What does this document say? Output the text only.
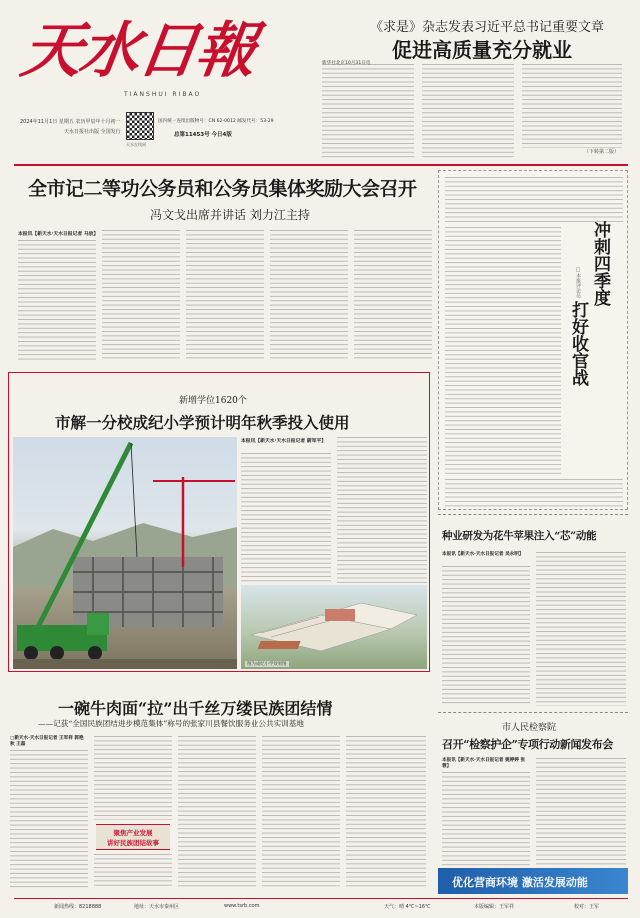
天水日報
TIANSHUI RIBAO
2024年11月1日 星期五 农历甲辰年十月初一
天水日报社出版 全国发行
天水在线网
国内统一连续出版物号：CN 62-0012 邮发代号：53-29
总第11453号 今日4版
《求是》杂志发表习近平总书记重要文章
促进高质量充分就业
新华社北京10月31日电
（下转第二版）
全市记二等功公务员和公务员集体奖励大会召开
冯文戈出席并讲话 刘力江主持
本报讯【新天水·天水日报记者 马放】	冲刺四季度
□本报评论员
打好收官战
新增学位1620个
市解一分校成纪小学预计明年秋季投入使用
本报讯【新天水·天水日报记者 蔚军平】
图为成纪小学效果图
种业研发为花牛苹果注入“芯”动能
本报讯【新天水·天水日报记者 吴永明】
一碗牛肉面“拉”出千丝万缕民族团结情
——记获“全国民族团结进步模范集体”称号的张家川县餐饮服务业公共实训基地
□新天水·天水日报记者 王军祥 郭艳秋 王磊
聚焦产业发展
讲好民族团结故事
市人民检察院
召开“检察护企”专项行动新闻发布会
本报讯【新天水·天水日报记者 姚婷婷 张蓉】
优化营商环境 激活发展动能
新闻热线：8218888	地址：天水市秦州区	www.tsrb.com	天气：晴 4℃~16℃	本版编辑：王军祥	校对：王军
